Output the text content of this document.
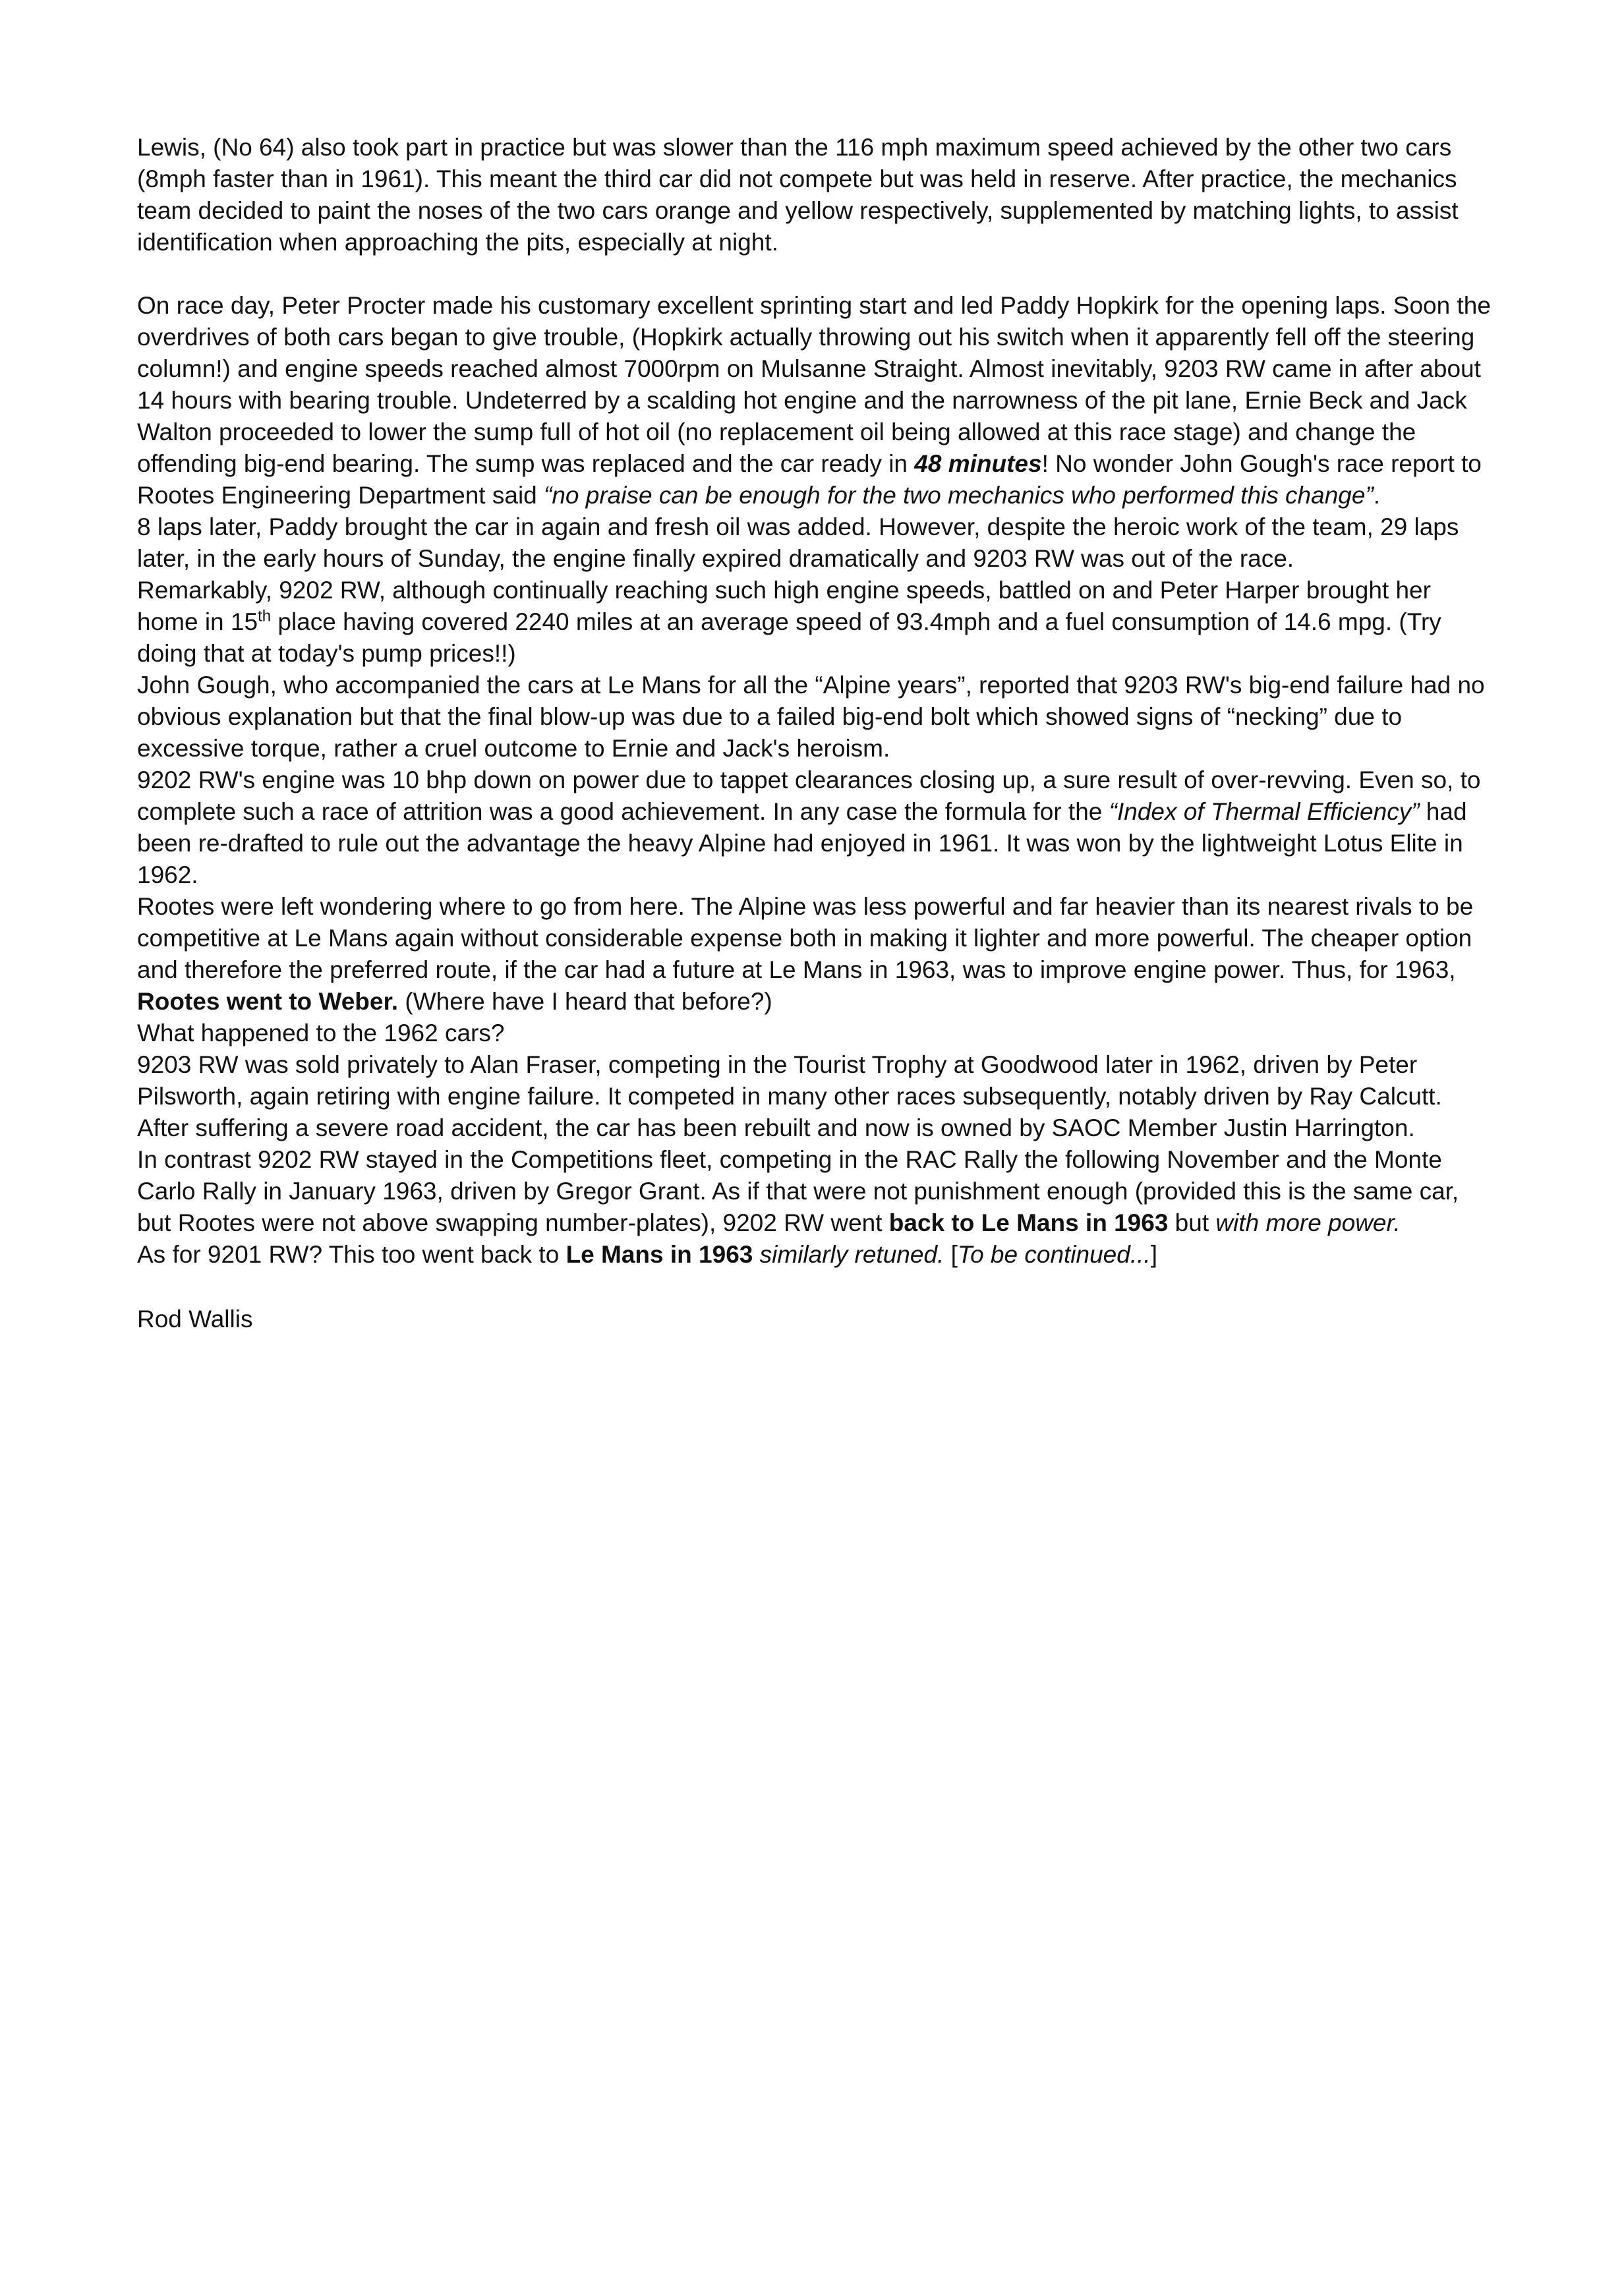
Lewis, (No 64) also took part in practice but was slower than the 116 mph maximum speed achieved by the other two cars (8mph faster than in 1961). This meant the third car did not compete but was held in reserve. After practice, the mechanics team decided to paint the noses of the two cars orange and yellow respectively, supplemented by matching lights, to assist identification when approaching the pits, especially at night.

On race day, Peter Procter made his customary excellent sprinting start and led Paddy Hopkirk for the opening laps. Soon the overdrives of both cars began to give trouble, (Hopkirk actually throwing out his switch when it apparently fell off the steering column!) and engine speeds reached almost 7000rpm on Mulsanne Straight. Almost inevitably, 9203 RW came in after about 14 hours with bearing trouble. Undeterred by a scalding hot engine and the narrowness of the pit lane, Ernie Beck and Jack Walton proceeded to lower the sump full of hot oil (no replacement oil being allowed at this race stage) and change the offending big-end bearing. The sump was replaced and the car ready in 48 minutes! No wonder John Gough's race report to Rootes Engineering Department said “no praise can be enough for the two mechanics who performed this change”.

8 laps later, Paddy brought the car in again and fresh oil was added. However, despite the heroic work of the team, 29 laps later, in the early hours of Sunday, the engine finally expired dramatically and 9203 RW was out of the race.

Remarkably, 9202 RW, although continually reaching such high engine speeds, battled on and Peter Harper brought her home in 15th place having covered 2240 miles at an average speed of 93.4mph and a fuel consumption of 14.6 mpg. (Try doing that at today's pump prices!!)

John Gough, who accompanied the cars at Le Mans for all the “Alpine years”, reported that 9203 RW's big-end failure had no obvious explanation but that the final blow-up was due to a failed big-end bolt which showed signs of “necking” due to excessive torque, rather a cruel outcome to Ernie and Jack's heroism.

9202 RW's engine was 10 bhp down on power due to tappet clearances closing up, a sure result of over-revving. Even so, to complete such a race of attrition was a good achievement. In any case the formula for the “Index of Thermal Efficiency” had been re-drafted to rule out the advantage the heavy Alpine had enjoyed in 1961. It was won by the lightweight Lotus Elite in 1962.

Rootes were left wondering where to go from here. The Alpine was less powerful and far heavier than its nearest rivals to be competitive at Le Mans again without considerable expense both in making it lighter and more powerful. The cheaper option and therefore the preferred route, if the car had a future at Le Mans in 1963, was to improve engine power. Thus, for 1963, Rootes went to Weber. (Where have I heard that before?)

What happened to the 1962 cars?

9203 RW was sold privately to Alan Fraser, competing in the Tourist Trophy at Goodwood later in 1962, driven by Peter Pilsworth, again retiring with engine failure. It competed in many other races subsequently, notably driven by Ray Calcutt. After suffering a severe road accident, the car has been rebuilt and now is owned by SAOC Member Justin Harrington.

In contrast 9202 RW stayed in the Competitions fleet, competing in the RAC Rally the following November and the Monte Carlo Rally in January 1963, driven by Gregor Grant. As if that were not punishment enough (provided this is the same car, but Rootes were not above swapping number-plates), 9202 RW went back to Le Mans in 1963 but with more power.

As for 9201 RW? This too went back to Le Mans in 1963 similarly retuned. [To be continued...]

Rod Wallis
